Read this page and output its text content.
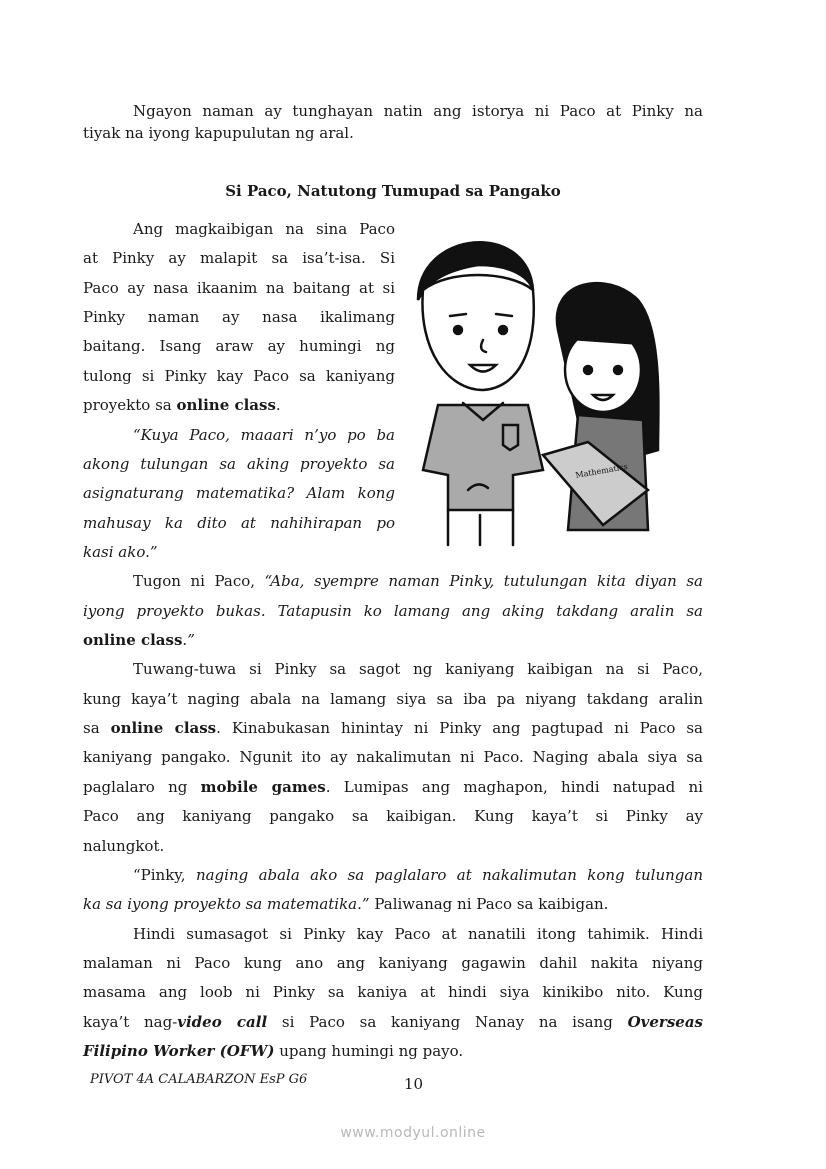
Ngayon naman ay tunghayan natin ang istorya ni Paco at Pinky na
tiyak na iyong kapupulutan ng aral.
Si Paco, Natutong Tumupad sa Pangako
Ang magkaibigan na sina Paco
at Pinky ay malapit sa isa’t-isa. Si
Paco ay nasa ikaanim na baitang at si
Pinky naman ay nasa ikalimang
baitang. Isang araw ay humingi ng
tulong si Pinky kay Paco sa kaniyang
proyekto sa online class.
“Kuya Paco, maaari n’yo po ba
akong tulungan sa aking proyekto sa
asignaturang matematika? Alam kong
mahusay ka dito at nahihirapan po
kasi ako.”
Tugon ni Paco, “Aba, syempre naman Pinky, tutulungan kita diyan sa
iyong proyekto bukas. Tatapusin ko lamang ang aking takdang aralin sa
online class.”
Tuwang-tuwa si Pinky sa sagot ng kaniyang kaibigan na si Paco,
kung kaya’t naging abala na lamang siya sa iba pa niyang takdang aralin
sa online class. Kinabukasan hinintay ni Pinky ang pagtupad ni Paco sa
kaniyang pangako. Ngunit ito ay nakalimutan ni Paco. Naging abala siya sa
paglalaro ng mobile games. Lumipas ang maghapon, hindi natupad ni
Paco ang kaniyang pangako sa kaibigan. Kung kaya’t si Pinky ay
nalungkot.
“Pinky, naging abala ako sa paglalaro at nakalimutan kong tulungan
ka sa iyong proyekto sa matematika.” Paliwanag ni Paco sa kaibigan.
Hindi sumasagot si Pinky kay Paco at nanatili itong tahimik. Hindi
malaman ni Paco kung ano ang kaniyang gagawin dahil nakita niyang
masama ang loob ni Pinky sa kaniya at hindi siya kinikibo nito. Kung
kaya’t nag-video call si Paco sa kaniyang Nanay na isang Overseas
Filipino Worker (OFW) upang humingi ng payo.
Mathematics
PIVOT 4A CALABARZON EsP G6	10
www.modyul.online
